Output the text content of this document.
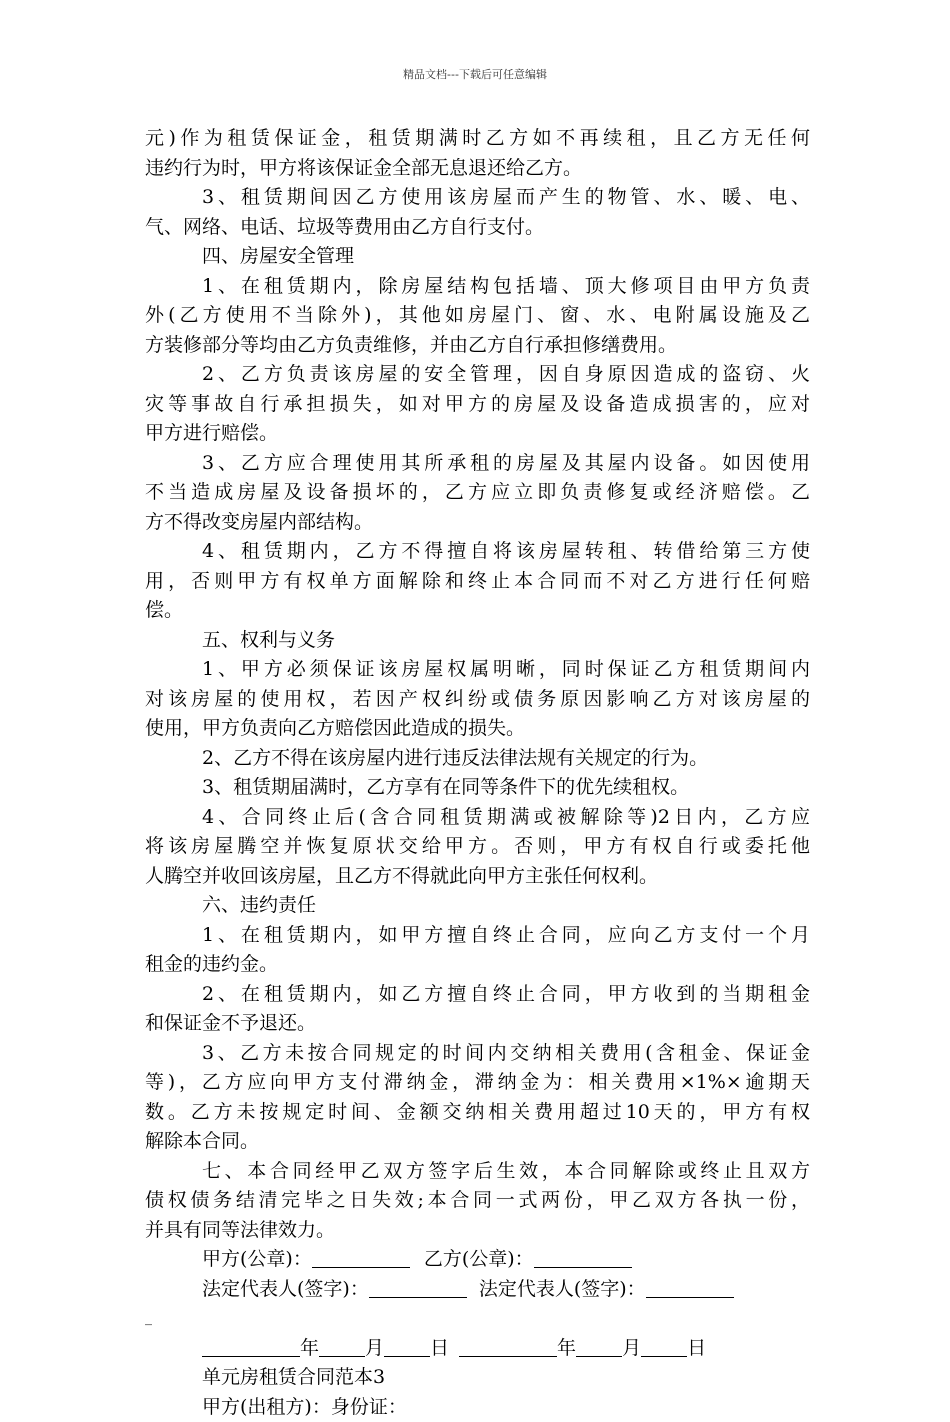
精品文档---下载后可任意编辑
元)作为租赁保证金，租赁期满时乙方如不再续租，且乙方无任何
违约行为时，甲方将该保证金全部无息退还给乙方。
3、租赁期间因乙方使用该房屋而产生的物管、水、暖、电、
气、网络、电话、垃圾等费用由乙方自行支付。
四、房屋安全管理
1、在租赁期内，除房屋结构包括墙、顶大修项目由甲方负责
外(乙方使用不当除外)，其他如房屋门、窗、水、电附属设施及乙
方装修部分等均由乙方负责维修，并由乙方自行承担修缮费用。
2、乙方负责该房屋的安全管理，因自身原因造成的盗窃、火
灾等事故自行承担损失，如对甲方的房屋及设备造成损害的，应对
甲方进行赔偿。
3、乙方应合理使用其所承租的房屋及其屋内设备。如因使用
不当造成房屋及设备损坏的，乙方应立即负责修复或经济赔偿。乙
方不得改变房屋内部结构。
4、租赁期内，乙方不得擅自将该房屋转租、转借给第三方使
用，否则甲方有权单方面解除和终止本合同而不对乙方进行任何赔
偿。
五、权利与义务
1、甲方必须保证该房屋权属明晰，同时保证乙方租赁期间内
对该房屋的使用权，若因产权纠纷或债务原因影响乙方对该房屋的
使用，甲方负责向乙方赔偿因此造成的损失。
2、乙方不得在该房屋内进行违反法律法规有关规定的行为。
3、租赁期届满时，乙方享有在同等条件下的优先续租权。
4、合同终止后(含合同租赁期满或被解除等)2日内，乙方应
将该房屋腾空并恢复原状交给甲方。否则，甲方有权自行或委托他
人腾空并收回该房屋，且乙方不得就此向甲方主张任何权利。
六、违约责任
1、在租赁期内，如甲方擅自终止合同，应向乙方支付一个月
租金的违约金。
2、在租赁期内，如乙方擅自终止合同，甲方收到的当期租金
和保证金不予退还。
3、乙方未按合同规定的时间内交纳相关费用(含租金、保证金
等)，乙方应向甲方支付滞纳金，滞纳金为：相关费用×1%×逾期天
数。乙方未按规定时间、金额交纳相关费用超过10天的，甲方有权
解除本合同。
七、本合同经甲乙双方签字后生效，本合同解除或终止且双方
债权债务结清完毕之日失效;本合同一式两份，甲乙双方各执一份，
并具有同等法律效力。
甲方(公章)：	乙方(公章)：
法定代表人(签字)：	法定代表人(签字)：
_
年 月 日	年 月 日
单元房租赁合同范本3
甲方(出租方)：身份证：
